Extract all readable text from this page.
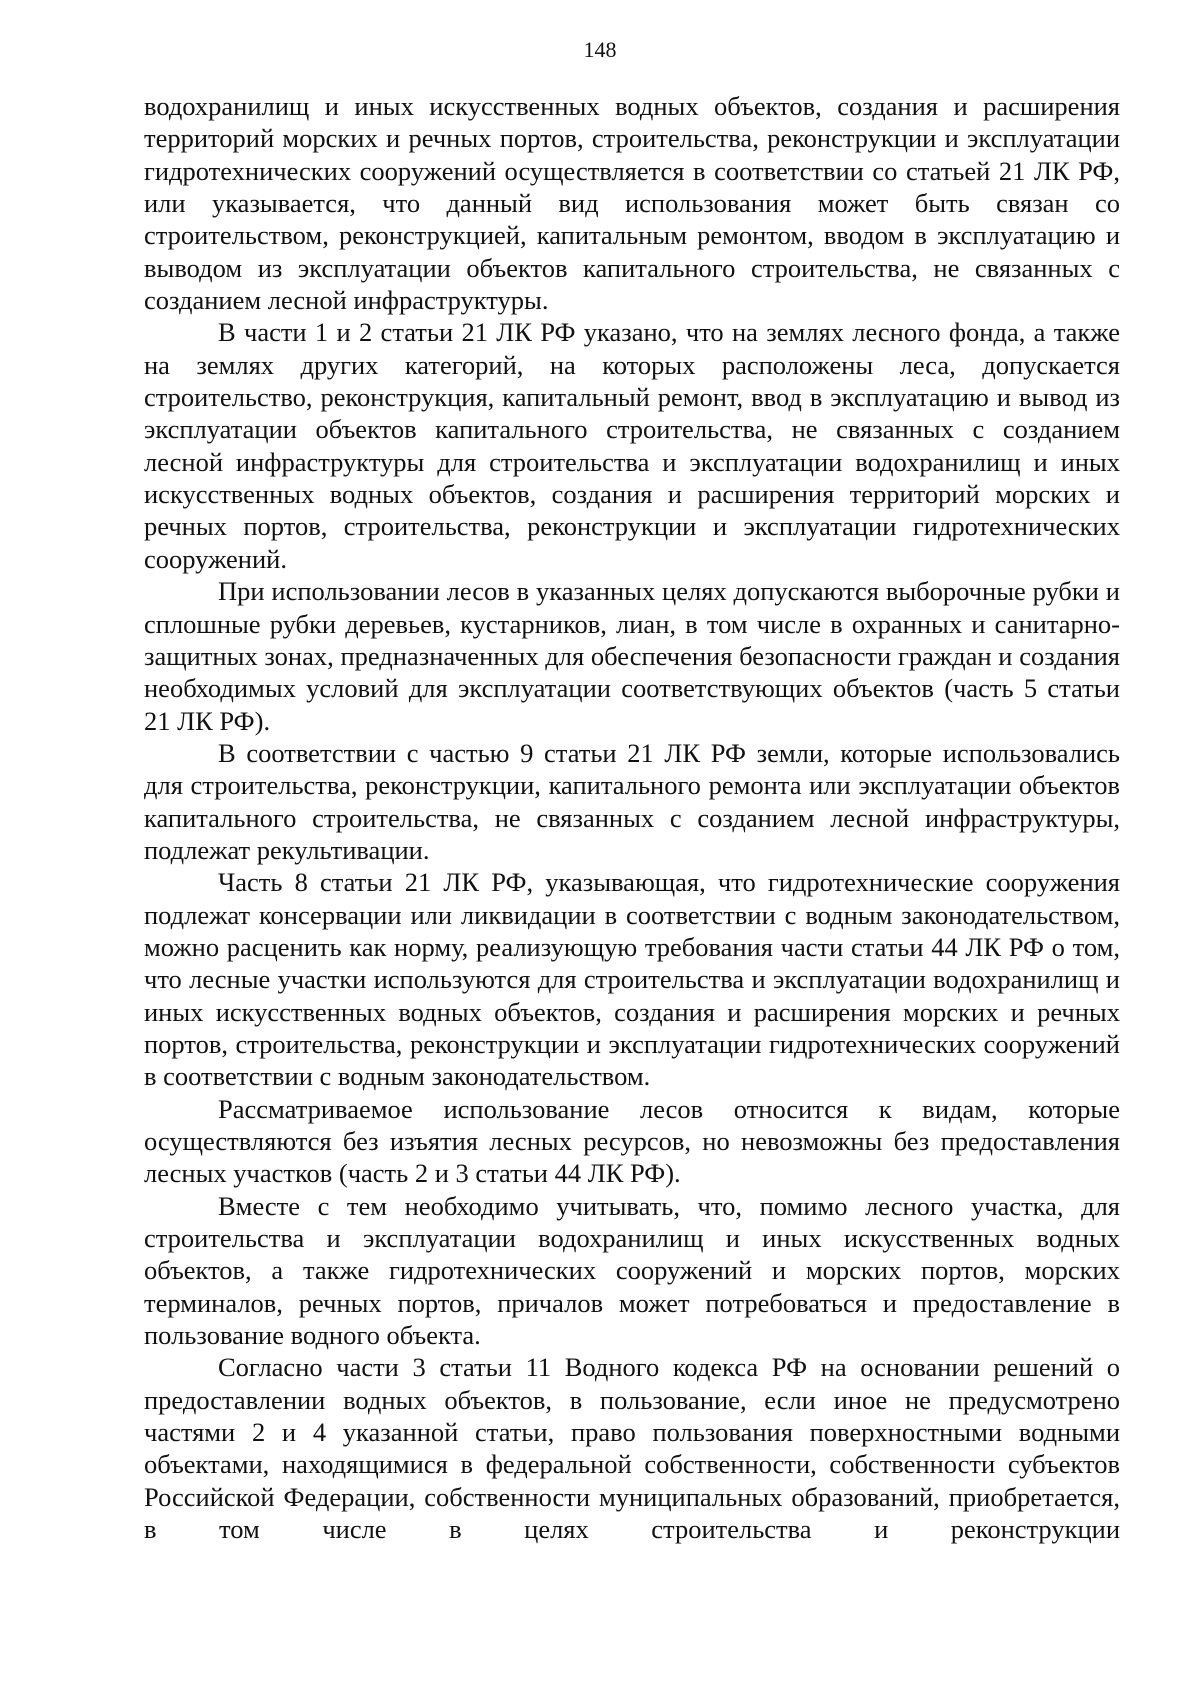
148

водохранилищ и иных искусственных водных объектов, создания и расширения территорий морских и речных портов, строительства, реконструкции и эксплуатации гидротехнических сооружений осуществляется в соответствии со статьей 21 ЛК РФ, или указывается, что данный вид использования может быть связан со строительством, реконструкцией, капитальным ремонтом, вводом в эксплуатацию и выводом из эксплуатации объектов капитального строительства, не связанных с созданием лесной инфраструктуры.

В части 1 и 2 статьи 21 ЛК РФ указано, что на землях лесного фонда, а также на землях других категорий, на которых расположены леса, допускается строительство, реконструкция, капитальный ремонт, ввод в эксплуатацию и вывод из эксплуатации объектов капитального строительства, не связанных с созданием лесной инфраструктуры для строительства и эксплуатации водохранилищ и иных искусственных водных объектов, создания и расширения территорий морских и речных портов, строительства, реконструкции и эксплуатации гидротехнических сооружений.

При использовании лесов в указанных целях допускаются выборочные рубки и сплошные рубки деревьев, кустарников, лиан, в том числе в охранных и санитарно-защитных зонах, предназначенных для обеспечения безопасности граждан и создания необходимых условий для эксплуатации соответствующих объектов (часть 5 статьи 21 ЛК РФ).

В соответствии с частью 9 статьи 21 ЛК РФ земли, которые использовались для строительства, реконструкции, капитального ремонта или эксплуатации объектов капитального строительства, не связанных с созданием лесной инфраструктуры, подлежат рекультивации.

Часть 8 статьи 21 ЛК РФ, указывающая, что гидротехнические сооружения подлежат консервации или ликвидации в соответствии с водным законодательством, можно расценить как норму, реализующую требования части статьи 44 ЛК РФ о том, что лесные участки используются для строительства и эксплуатации водохранилищ и иных искусственных водных объектов, создания и расширения морских и речных портов, строительства, реконструкции и эксплуатации гидротехнических сооружений в соответствии с водным законодательством.

Рассматриваемое использование лесов относится к видам, которые осуществляются без изъятия лесных ресурсов, но невозможны без предоставления лесных участков (часть 2 и 3 статьи 44 ЛК РФ).

Вместе с тем необходимо учитывать, что, помимо лесного участка, для строительства и эксплуатации водохранилищ и иных искусственных водных объектов, а также гидротехнических сооружений и морских портов, морских терминалов, речных портов, причалов может потребоваться и предоставление в пользование водного объекта.

Согласно части 3 статьи 11 Водного кодекса РФ на основании решений о предоставлении водных объектов, в пользование, если иное не предусмотрено частями 2 и 4 указанной статьи, право пользования поверхностными водными объектами, находящимися в федеральной собственности, собственности субъектов Российской Федерации, собственности муниципальных образований, приобретается, в том числе в целях строительства и реконструкции
